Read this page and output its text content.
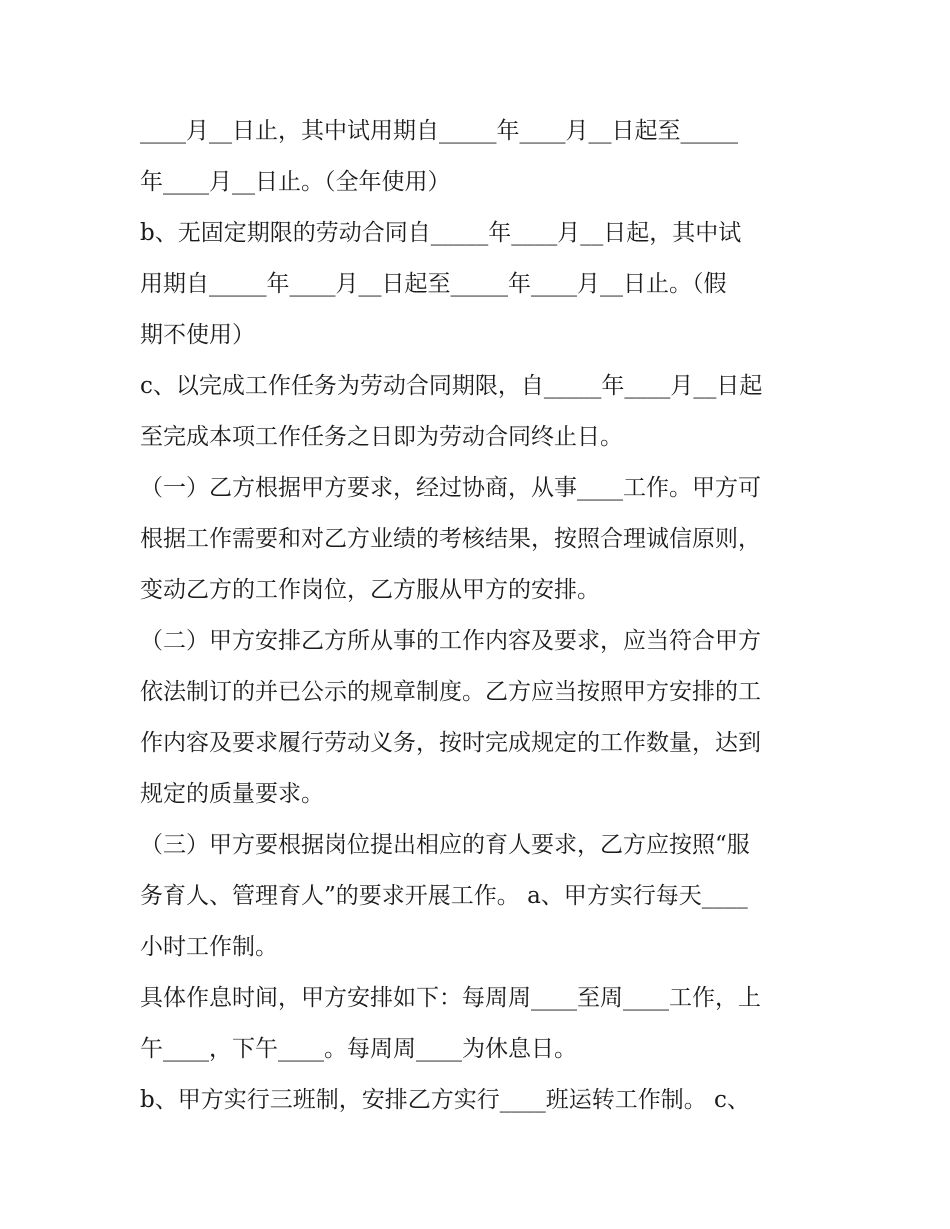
____月__日止，其中试用期自_____年____月__日起至_____
年____月__日止。（全年使用）
b、无固定期限的劳动合同自_____年____月__日起，其中试
用期自_____年____月__日起至_____年____月__日止。（假
期不使用）
c、以完成工作任务为劳动合同期限，自_____年____月__日起
至完成本项工作任务之日即为劳动合同终止日。
（一）乙方根据甲方要求，经过协商，从事____工作。甲方可
根据工作需要和对乙方业绩的考核结果，按照合理诚信原则，
变动乙方的工作岗位，乙方服从甲方的安排。
（二）甲方安排乙方所从事的工作内容及要求，应当符合甲方
依法制订的并已公示的规章制度。乙方应当按照甲方安排的工
作内容及要求履行劳动义务，按时完成规定的工作数量，达到
规定的质量要求。
（三）甲方要根据岗位提出相应的育人要求，乙方应按照“服
务育人、管理育人”的要求开展工作。 a、甲方实行每天____
小时工作制。
具体作息时间，甲方安排如下：每周周____至周____工作，上
午____，下午____。每周周____为休息日。
b、甲方实行三班制，安排乙方实行____班运转工作制。 c、
